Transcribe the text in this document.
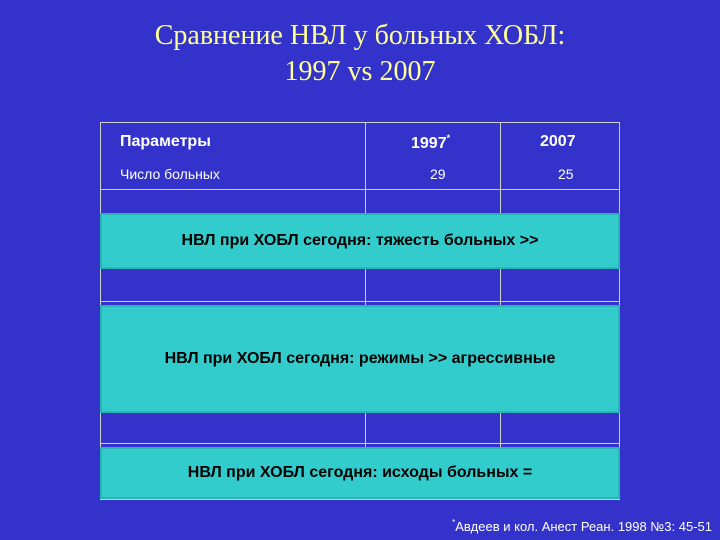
Сравнение НВЛ у больных ХОБЛ:
1997 vs 2007
Параметры	1997*	2007
Число больных	29	25
НВЛ при ХОБЛ сегодня: тяжесть больных >>
НВЛ при ХОБЛ сегодня: режимы >> агрессивные
НВЛ при ХОБЛ сегодня: исходы больных =
*Авдеев и кол. Анест Реан. 1998 №3: 45-51
